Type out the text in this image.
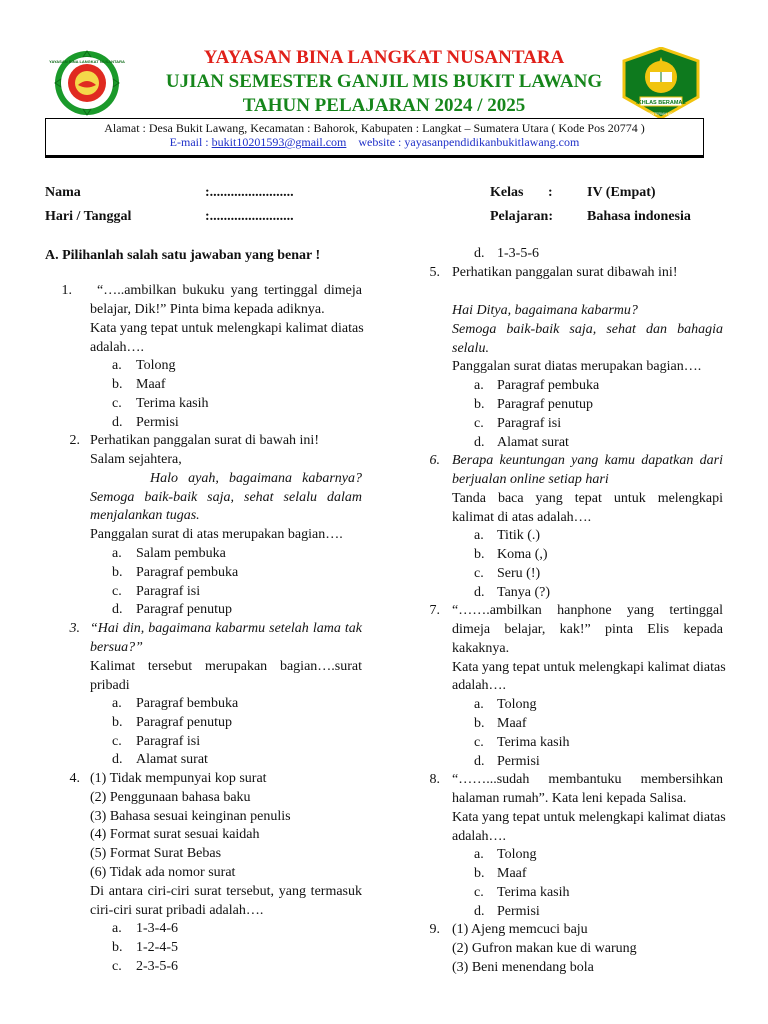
YAYASAN BINA LANGKAT NUSANTARA
IKHLAS BERAMAL
KEMENTERIAN AGAMA
YAYASAN BINA LANGKAT NUSANTARA
UJIAN SEMESTER GANJIL MIS BUKIT LAWANG
TAHUN PELAJARAN 2024 / 2025
Alamat : Desa Bukit Lawang, Kecamatan : Bahorok, Kabupaten : Langkat – Sumatera Utara ( Kode Pos 20774 )
E-mail : bukit10201593@gmail.com website : yayasanpendidikanbukitlawang.com
Nama	:........................
Hari / Tanggal	:........................
Kelas : IV (Empat)
Pelajaran: Bahasa indonesia
A. Pilihanlah salah satu jawaban yang benar !
1. “…..ambilkan bukuku yang tertinggal dimeja
belajar, Dik!” Pinta bima kepada adiknya.
Kata yang tepat untuk melengkapi kalimat diatas
adalah….
a. Tolong
b. Maaf
c. Terima kasih
d. Permisi
2. Perhatikan panggalan surat di bawah ini!
Salam sejahtera,
Halo ayah, bagaimana kabarnya?
Semoga baik-baik saja, sehat selalu dalam
menjalankan tugas.
Panggalan surat di atas merupakan bagian….
a. Salam pembuka
b. Paragraf pembuka
c. Paragraf isi
d. Paragraf penutup
3. “Hai din, bagaimana kabarmu setelah lama tak
bersua?”
Kalimat tersebut merupakan bagian….surat
pribadi
a. Paragraf bembuka
b. Paragraf penutup
c. Paragraf isi
d. Alamat surat
4. (1) Tidak mempunyai kop surat
(2) Penggunaan bahasa baku
(3) Bahasa sesuai keinginan penulis
(4) Format surat sesuai kaidah
(5) Format Surat Bebas
(6) Tidak ada nomor surat
Di antara ciri-ciri surat tersebut, yang termasuk
ciri-ciri surat pribadi adalah….
a. 1-3-4-6
b. 1-2-4-5
c. 2-3-5-6
d. 1-3-5-6
5. Perhatikan panggalan surat dibawah ini!
Hai Ditya, bagaimana kabarmu?
Semoga baik-baik saja, sehat dan bahagia
selalu.
Panggalan surat diatas merupakan bagian….
a. Paragraf pembuka
b. Paragraf penutup
c. Paragraf isi
d. Alamat surat
6. Berapa keuntungan yang kamu dapatkan dari
berjualan online setiap hari
Tanda baca yang tepat untuk melengkapi
kalimat di atas adalah….
a. Titik (.)
b. Koma (,)
c. Seru (!)
d. Tanya (?)
7. “…….ambilkan hanphone yang tertinggal
dimeja belajar, kak!” pinta Elis kepada
kakaknya.
Kata yang tepat untuk melengkapi kalimat diatas
adalah….
a. Tolong
b. Maaf
c. Terima kasih
d. Permisi
8. “……...sudah membantuku membersihkan
halaman rumah”. Kata leni kepada Salisa.
Kata yang tepat untuk melengkapi kalimat diatas
adalah….
a. Tolong
b. Maaf
c. Terima kasih
d. Permisi
9. (1) Ajeng memcuci baju
(2) Gufron makan kue di warung
(3) Beni menendang bola
